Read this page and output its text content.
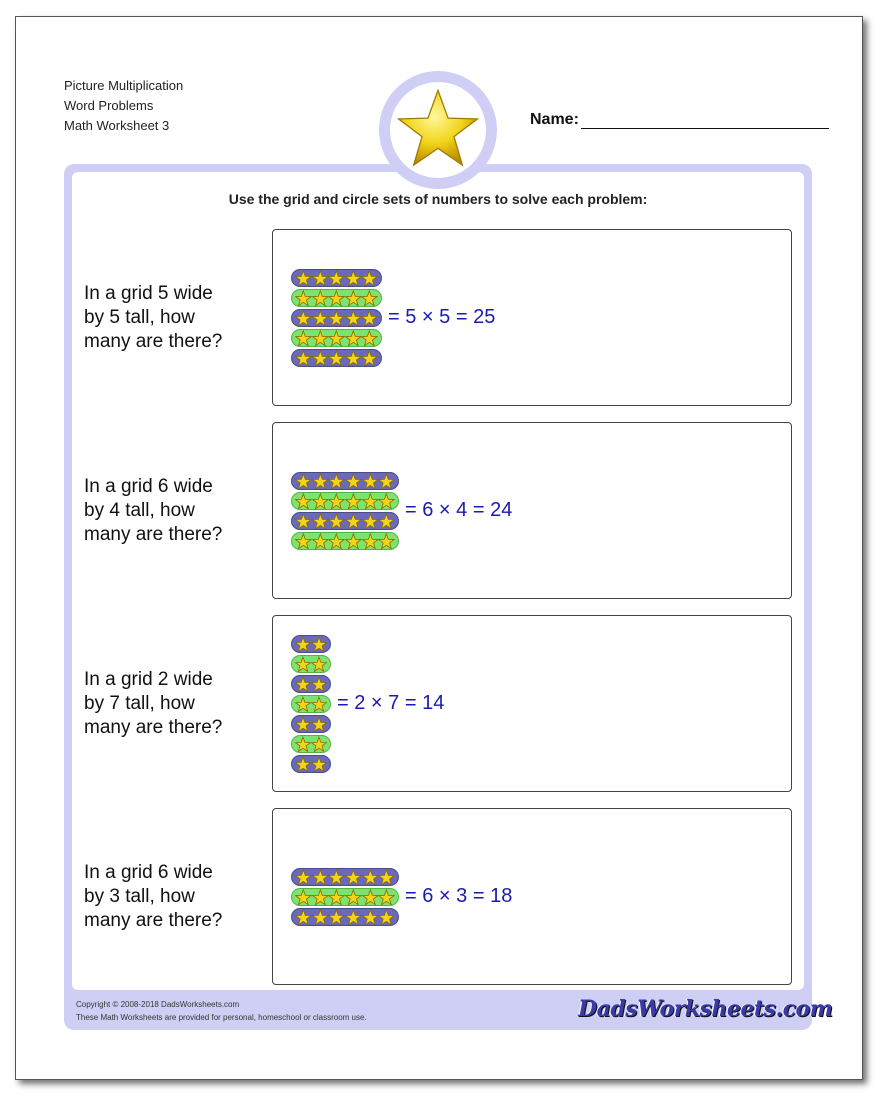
Picture Multiplication
Word Problems
Math Worksheet 3	Name:
Use the grid and circle sets of numbers to solve each problem:
In a grid 5 wide
by 5 tall, how
many are there?
= 5 × 5 = 25
In a grid 6 wide
by 4 tall, how
many are there?
= 6 × 4 = 24
In a grid 2 wide
by 7 tall, how
many are there?
= 2 × 7 = 14
In a grid 6 wide
by 3 tall, how
many are there?
= 6 × 3 = 18
Copyright © 2008-2018 DadsWorksheets.com
These Math Worksheets are provided for personal, homeschool or classroom use.	DadsWorksheets.com
